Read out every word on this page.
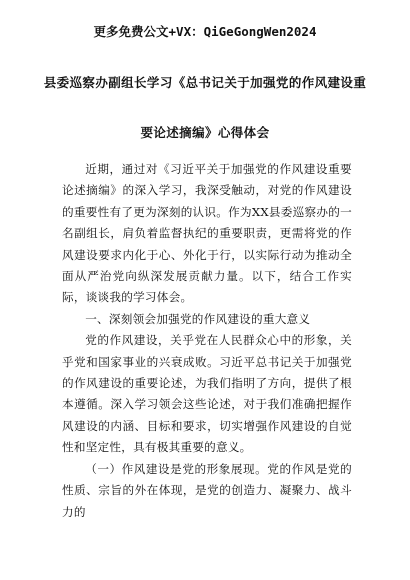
更多免费公文+VX：QiGeGongWen2024
县委巡察办副组长学习《总书记关于加强党的作风建设重
要论述摘编》心得体会

近期，通过对《习近平关于加强党的作风建设重要论述摘编》的深入学习，我深受触动，对党的作风建设的重要性有了更为深刻的认识。作为XX县委巡察办的一名副组长，肩负着监督执纪的重要职责，更需将党的作风建设要求内化于心、外化于行，以实际行动为推动全面从严治党向纵深发展贡献力量。以下，结合工作实际，谈谈我的学习体会。

一、深刻领会加强党的作风建设的重大意义

党的作风建设，关乎党在人民群众心中的形象，关乎党和国家事业的兴衰成败。习近平总书记关于加强党的作风建设的重要论述，为我们指明了方向，提供了根本遵循。深入学习领会这些论述，对于我们准确把握作风建设的内涵、目标和要求，切实增强作风建设的自觉性和坚定性，具有极其重要的意义。

（一）作风建设是党的形象展现。党的作风是党的性质、宗旨的外在体现，是党的创造力、凝聚力、战斗力的
